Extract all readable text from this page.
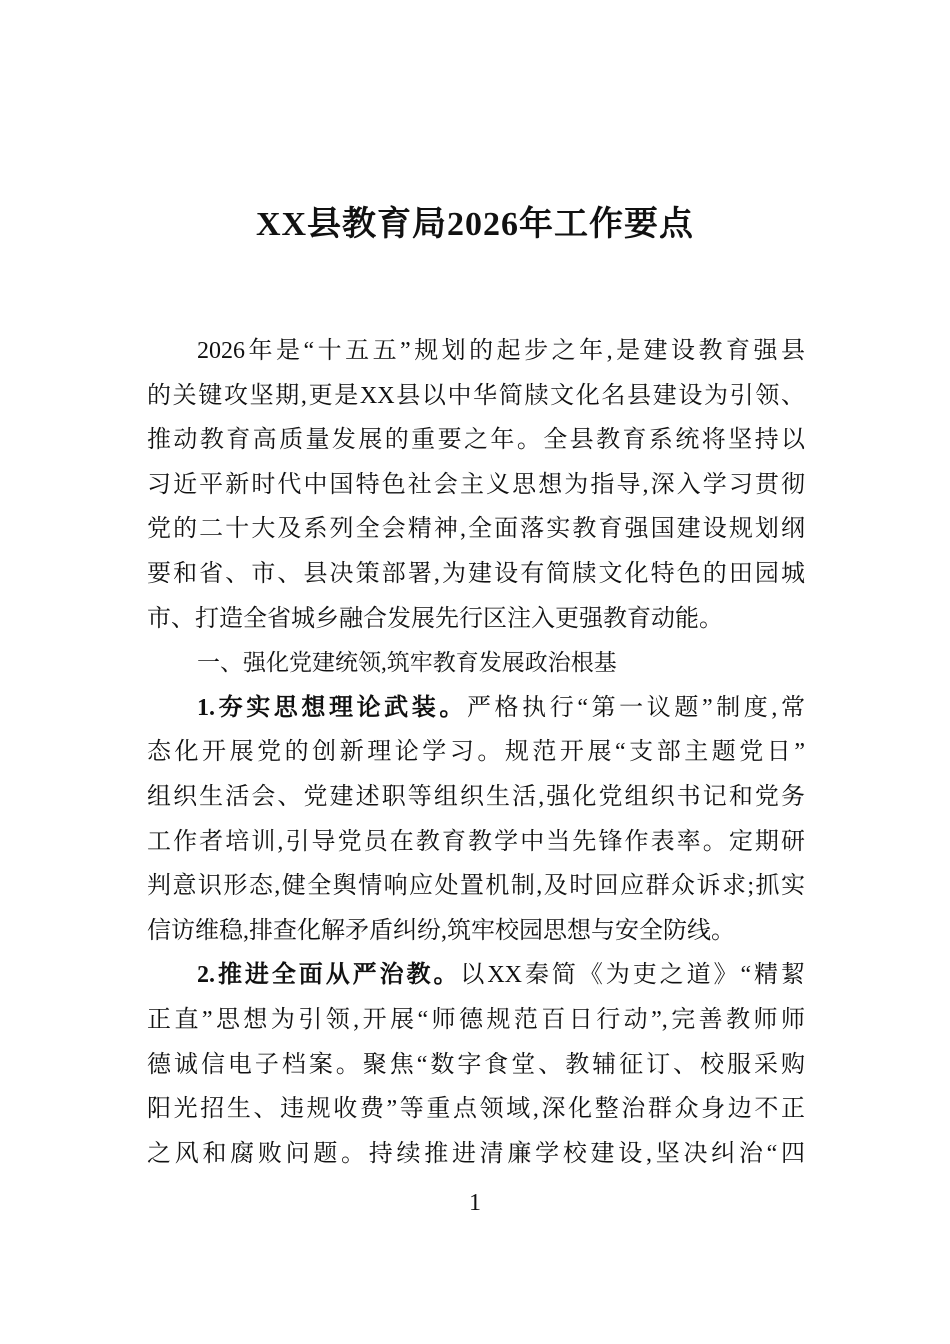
XX县教育局2026年工作要点
2026年是“十五五”规划的起步之年,是建设教育强县
的关键攻坚期,更是XX县以中华简牍文化名县建设为引领、
推动教育高质量发展的重要之年。全县教育系统将坚持以
习近平新时代中国特色社会主义思想为指导,深入学习贯彻
党的二十大及系列全会精神,全面落实教育强国建设规划纲
要和省、市、县决策部署,为建设有简牍文化特色的田园城
市、打造全省城乡融合发展先行区注入更强教育动能。
一、强化党建统领,筑牢教育发展政治根基
1.夯实思想理论武装。严格执行“第一议题”制度,常
态化开展党的创新理论学习。规范开展“支部主题党日”
组织生活会、党建述职等组织生活,强化党组织书记和党务
工作者培训,引导党员在教育教学中当先锋作表率。定期研
判意识形态,健全舆情响应处置机制,及时回应群众诉求;抓实
信访维稳,排查化解矛盾纠纷,筑牢校园思想与安全防线。
2.推进全面从严治教。以XX秦简《为吏之道》“精絜
正直”思想为引领,开展“师德规范百日行动”,完善教师师
德诚信电子档案。聚焦“数字食堂、教辅征订、校服采购
阳光招生、违规收费”等重点领域,深化整治群众身边不正
之风和腐败问题。持续推进清廉学校建设,坚决纠治“四
1
